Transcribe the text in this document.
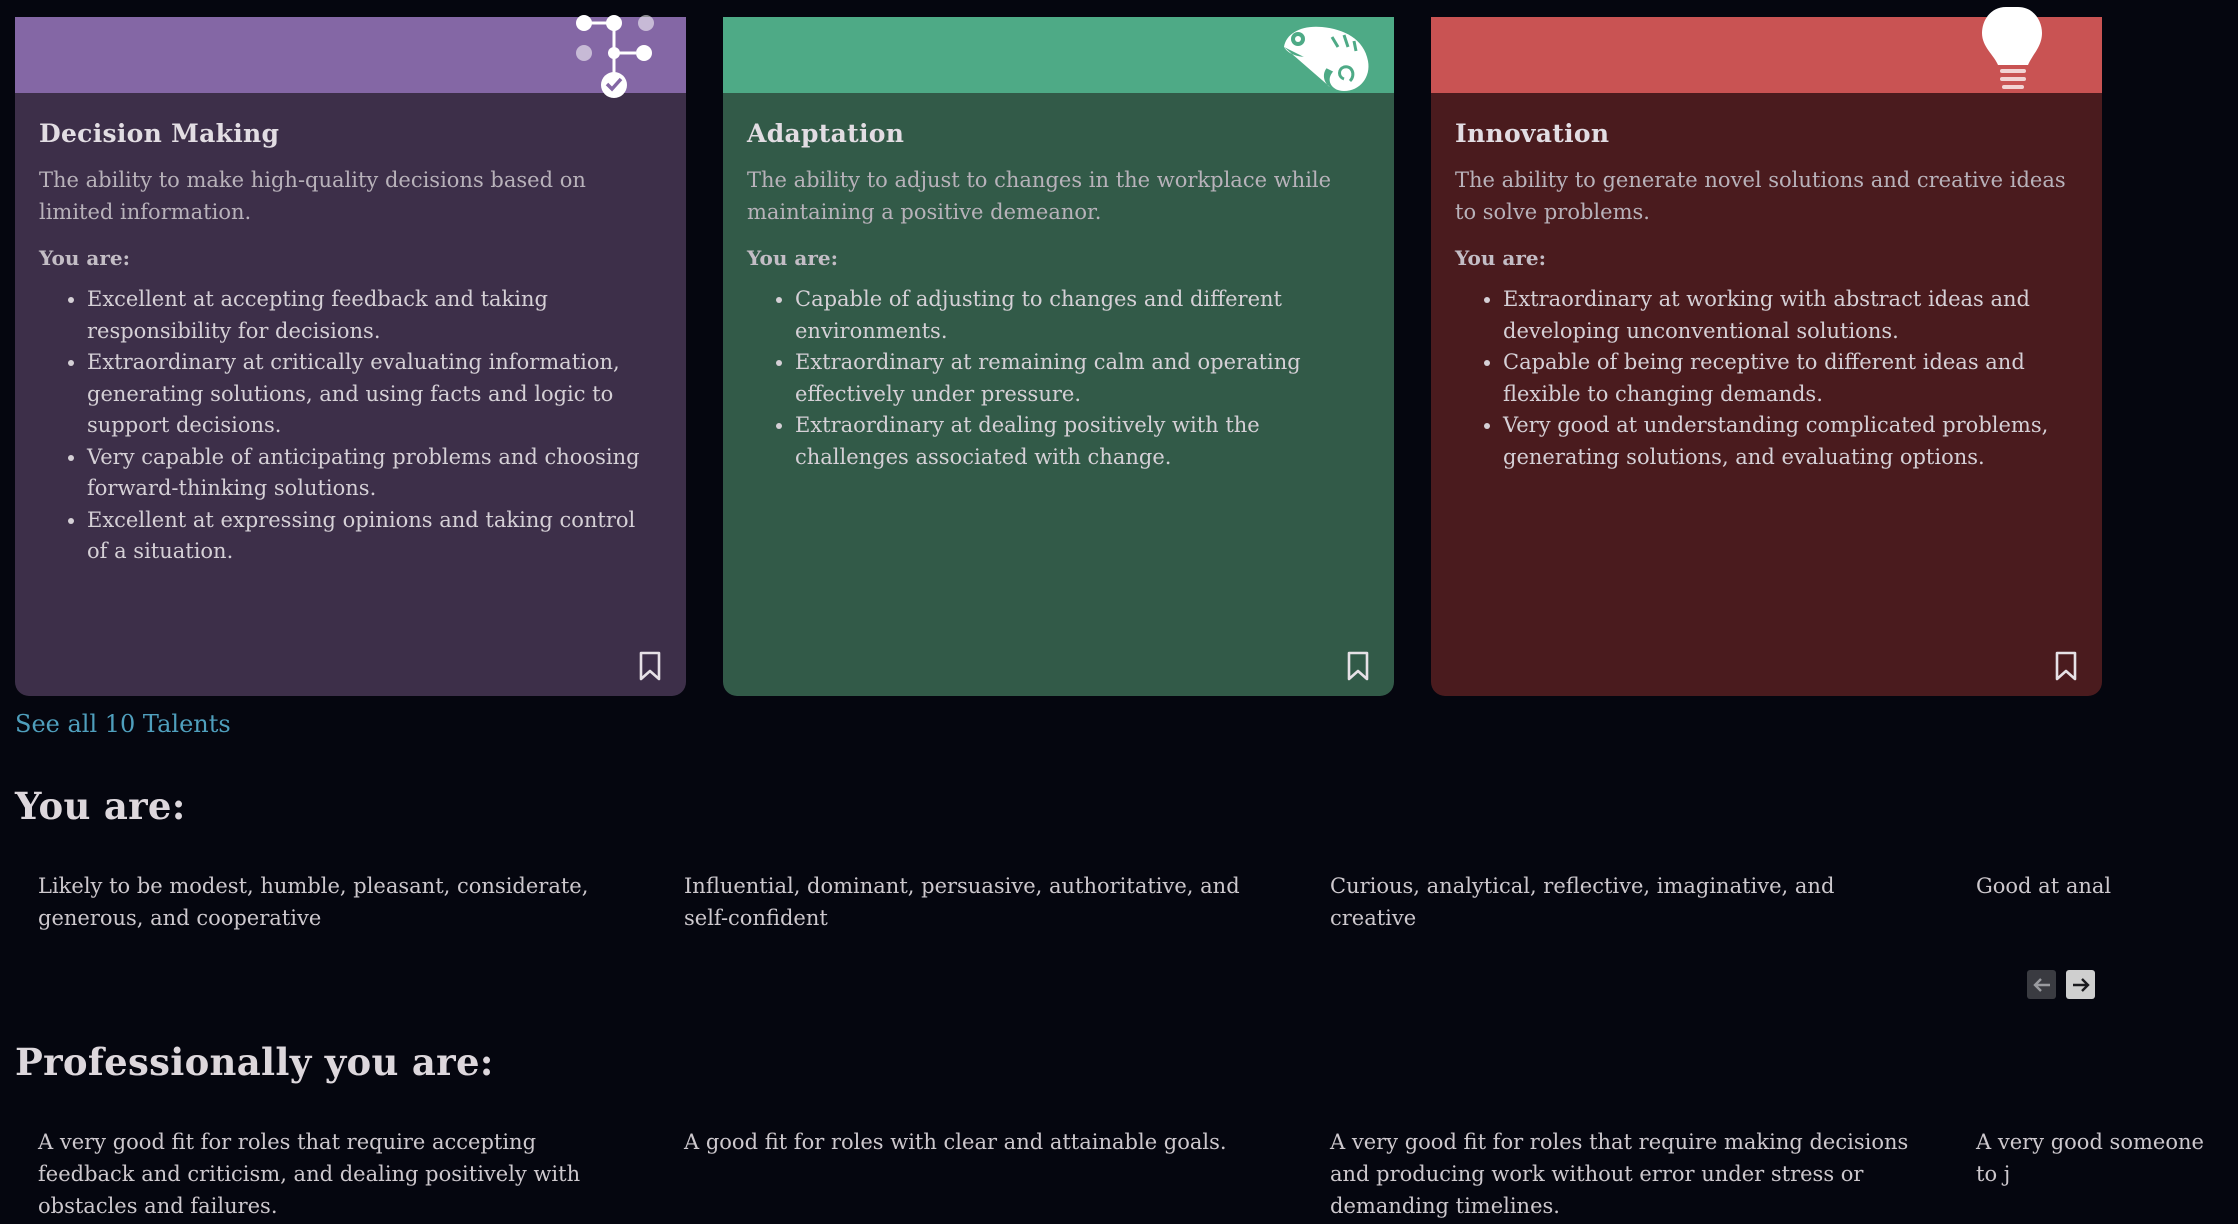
Decision Making

The ability to make high-quality decisions based on limited information.

You are:

• Excellent at accepting feedback and taking responsibility for decisions.
• Extraordinary at critically evaluating information, generating solutions, and using facts and logic to support decisions.
• Very capable of anticipating problems and choosing forward-thinking solutions.
• Excellent at expressing opinions and taking control of a situation.
Adaptation

The ability to adjust to changes in the workplace while maintaining a positive demeanor.

You are:

• Capable of adjusting to changes and different environments.
• Extraordinary at remaining calm and operating effectively under pressure.
• Extraordinary at dealing positively with the challenges associated with change.
Innovation

The ability to generate novel solutions and creative ideas to solve problems.

You are:

• Extraordinary at working with abstract ideas and developing unconventional solutions.
• Capable of being receptive to different ideas and flexible to changing demands.
• Very good at understanding complicated problems, generating solutions, and evaluating options.
See all 10 Talents
You are:
Likely to be modest, humble, pleasant, considerate, generous, and cooperative
Influential, dominant, persuasive, authoritative, and self-confident
Curious, analytical, reflective, imaginative, and creative
Good at anal
Professionally you are:
A very good fit for roles that require accepting feedback and criticism, and dealing positively with obstacles and failures.
A good fit for roles with clear and attainable goals.	A very good fit for roles that require making decisions and producing work without error under stress or demanding timelines.
A very good someone to j
